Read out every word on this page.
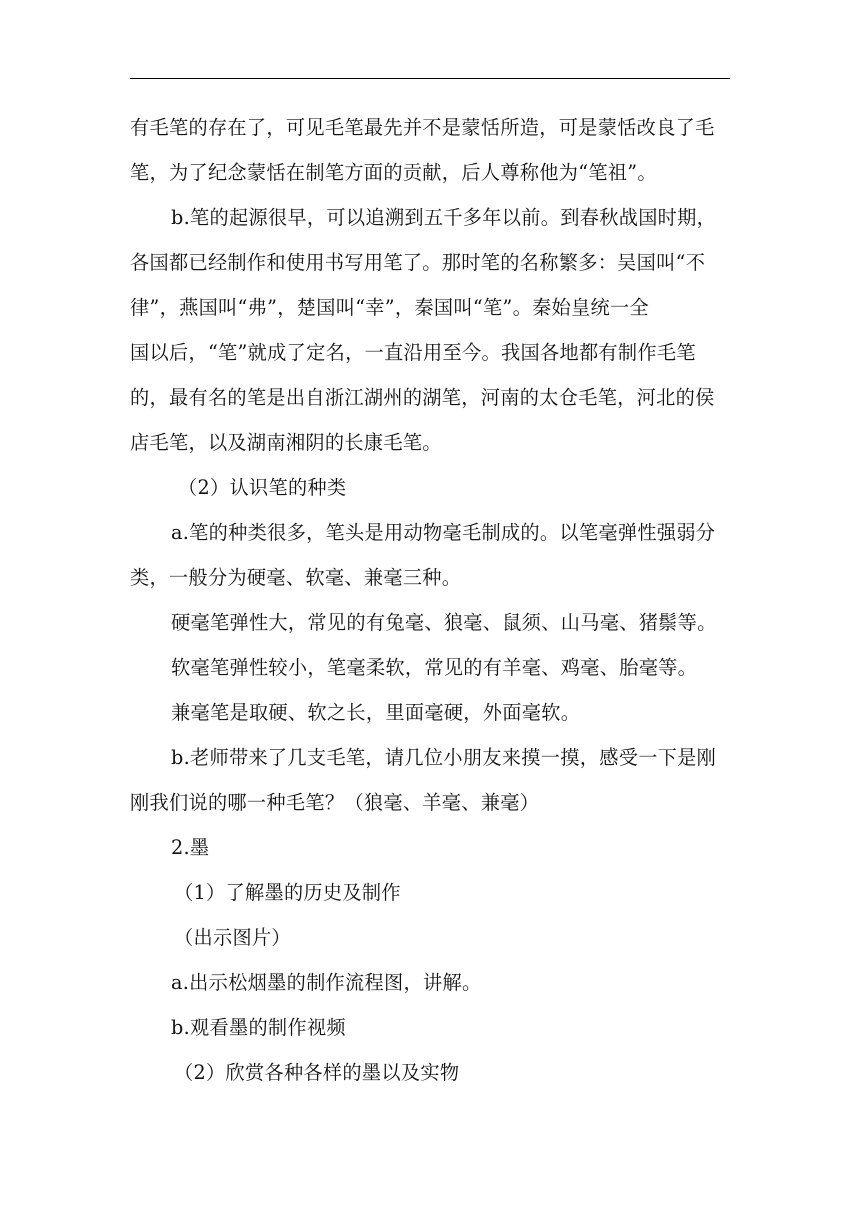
有毛笔的存在了，可见毛笔最先并不是蒙恬所造，可是蒙恬改良了毛
笔，为了纪念蒙恬在制笔方面的贡献，后人尊称他为“笔祖”。
b.笔的起源很早，可以追溯到五千多年以前。到春秋战国时期，
各国都已经制作和使用书写用笔了。那时笔的名称繁多：吴国叫“不
律”，燕国叫“弗”，楚国叫“幸”，秦国叫“笔”。秦始皇统一全
国以后，“笔”就成了定名，一直沿用至今。我国各地都有制作毛笔
的，最有名的笔是出自浙江湖州的湖笔，河南的太仓毛笔，河北的侯
店毛笔，以及湖南湘阴的长康毛笔。
（2）认识笔的种类
a.笔的种类很多，笔头是用动物毫毛制成的。以笔毫弹性强弱分
类，一般分为硬毫、软毫、兼毫三种。
硬毫笔弹性大，常见的有兔毫、狼毫、鼠须、山马毫、猪鬃等。
软毫笔弹性较小，笔毫柔软，常见的有羊毫、鸡毫、胎毫等。
兼毫笔是取硬、软之长，里面毫硬，外面毫软。
b.老师带来了几支毛笔，请几位小朋友来摸一摸，感受一下是刚
刚我们说的哪一种毛笔？（狼毫、羊毫、兼毫）
2.墨
（1）了解墨的历史及制作
（出示图片）
a.出示松烟墨的制作流程图，讲解。
b.观看墨的制作视频
（2）欣赏各种各样的墨以及实物
